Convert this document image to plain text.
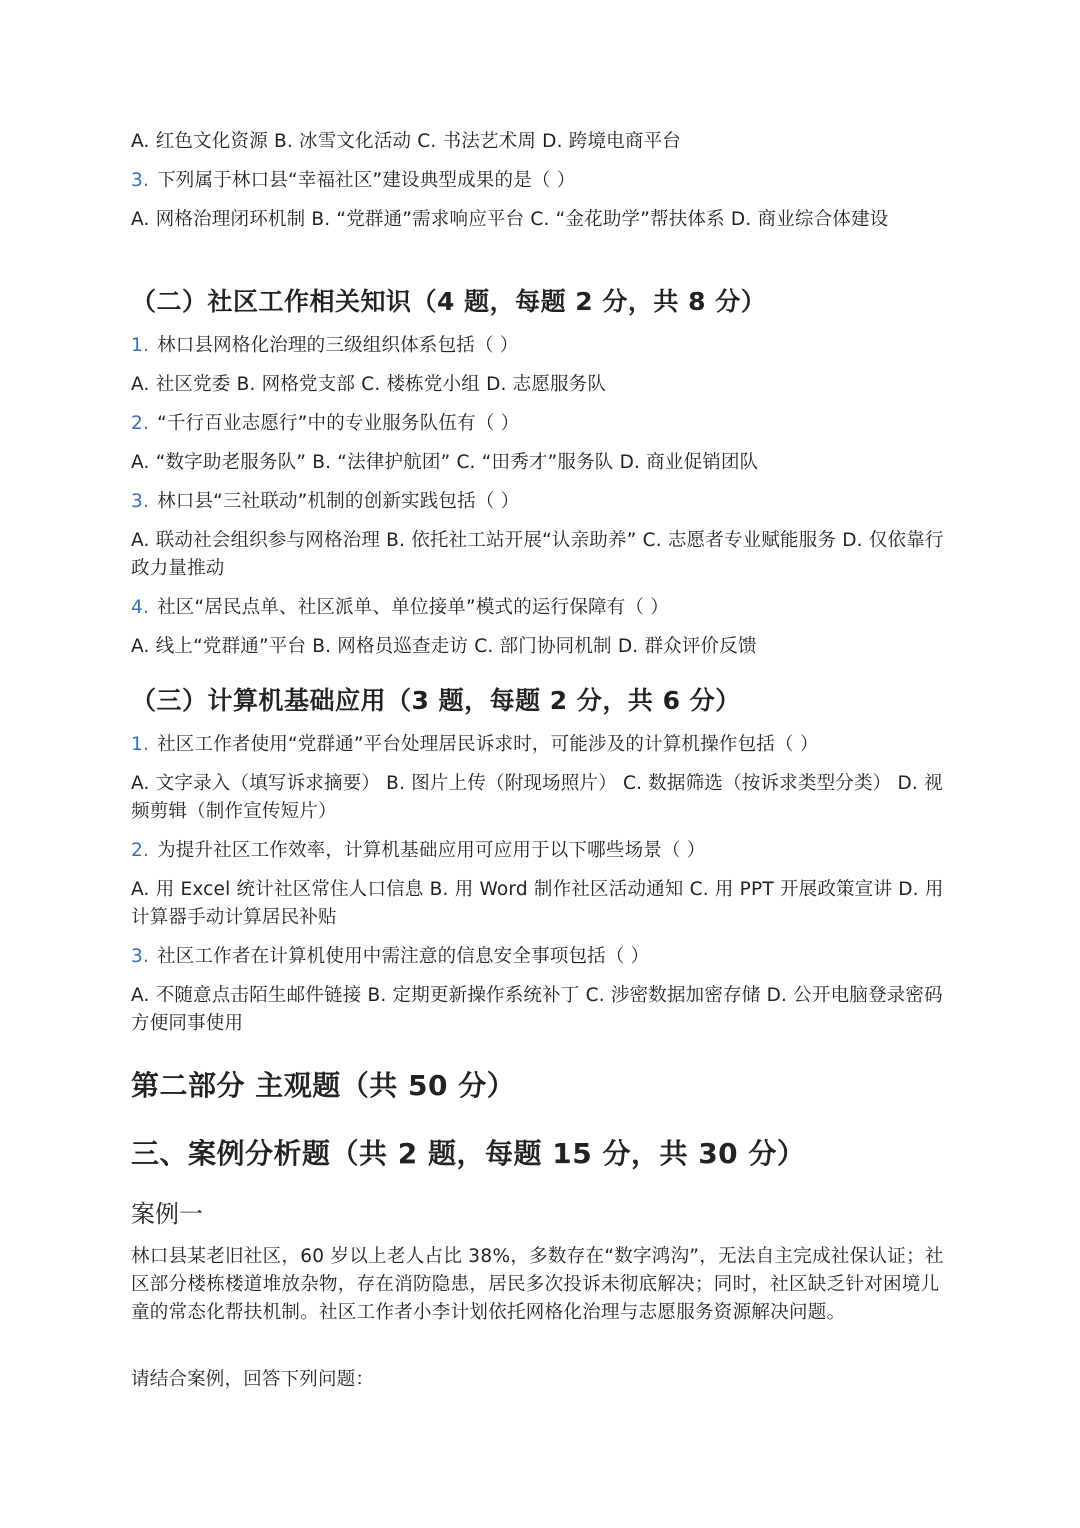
A. 红色文化资源 B. 冰雪文化活动 C. 书法艺术周 D. 跨境电商平台
3. 下列属于林口县“幸福社区”建设典型成果的是（ ）
A. 网格治理闭环机制 B. “党群通”需求响应平台 C. “金花助学”帮扶体系 D. 商业综合体建设
（二）社区工作相关知识（4 题，每题 2 分，共 8 分）
1. 林口县网格化治理的三级组织体系包括（ ）
A. 社区党委 B. 网格党支部 C. 楼栋党小组 D. 志愿服务队
2. “千行百业志愿行”中的专业服务队伍有（ ）
A. “数字助老服务队” B. “法律护航团” C. “田秀才”服务队 D. 商业促销团队
3. 林口县“三社联动”机制的创新实践包括（ ）
A. 联动社会组织参与网格治理 B. 依托社工站开展“认亲助养” C. 志愿者专业赋能服务 D. 仅依靠行政力量推动
4. 社区“居民点单、社区派单、单位接单”模式的运行保障有（ ）
A. 线上“党群通”平台 B. 网格员巡查走访 C. 部门协同机制 D. 群众评价反馈
（三）计算机基础应用（3 题，每题 2 分，共 6 分）
1. 社区工作者使用“党群通”平台处理居民诉求时，可能涉及的计算机操作包括（ ）
A. 文字录入（填写诉求摘要） B. 图片上传（附现场照片） C. 数据筛选（按诉求类型分类） D. 视频剪辑（制作宣传短片）
2. 为提升社区工作效率，计算机基础应用可应用于以下哪些场景（ ）
A. 用 Excel 统计社区常住人口信息 B. 用 Word 制作社区活动通知 C. 用 PPT 开展政策宣讲 D. 用计算器手动计算居民补贴
3. 社区工作者在计算机使用中需注意的信息安全事项包括（ ）
A. 不随意点击陌生邮件链接 B. 定期更新操作系统补丁 C. 涉密数据加密存储 D. 公开电脑登录密码方便同事使用
第二部分 主观题（共 50 分）
三、案例分析题（共 2 题，每题 15 分，共 30 分）
案例一
林口县某老旧社区，60 岁以上老人占比 38%，多数存在“数字鸿沟”，无法自主完成社保认证；社区部分楼栋楼道堆放杂物，存在消防隐患，居民多次投诉未彻底解决；同时，社区缺乏针对困境儿童的常态化帮扶机制。社区工作者小李计划依托网格化治理与志愿服务资源解决问题。
请结合案例，回答下列问题：
